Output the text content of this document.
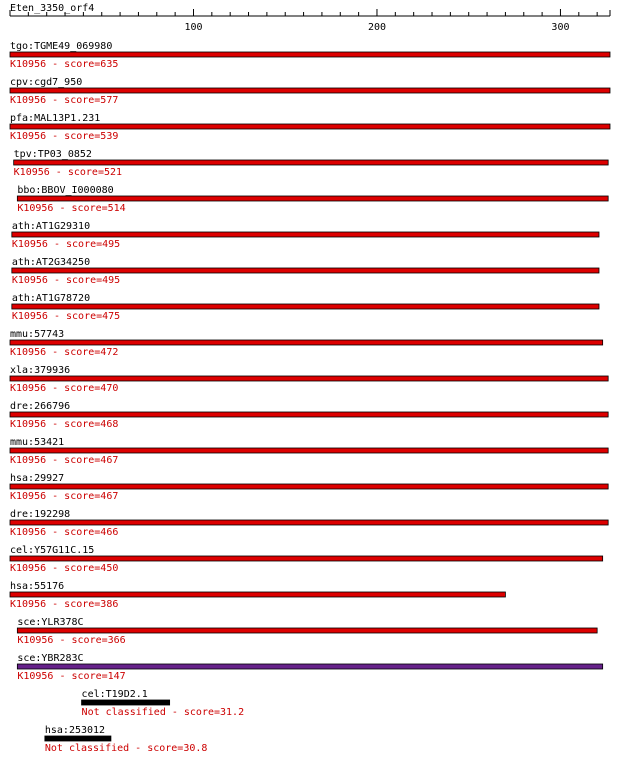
Eten_3350_orf4
100	200	300
tgo:TGME49_069980
K10956 - score=635
cpv:cgd7_950
K10956 - score=577
pfa:MAL13P1.231
K10956 - score=539
tpv:TP03_0852
K10956 - score=521
bbo:BBOV_I000080
K10956 - score=514
ath:AT1G29310
K10956 - score=495
ath:AT2G34250
K10956 - score=495
ath:AT1G78720
K10956 - score=475
mmu:57743
K10956 - score=472
xla:379936
K10956 - score=470
dre:266796
K10956 - score=468
mmu:53421
K10956 - score=467
hsa:29927
K10956 - score=467
dre:192298
K10956 - score=466
cel:Y57G11C.15
K10956 - score=450
hsa:55176
K10956 - score=386
sce:YLR378C
K10956 - score=366
sce:YBR283C
K10956 - score=147
cel:T19D2.1
Not classified - score=31.2
hsa:253012
Not classified - score=30.8
